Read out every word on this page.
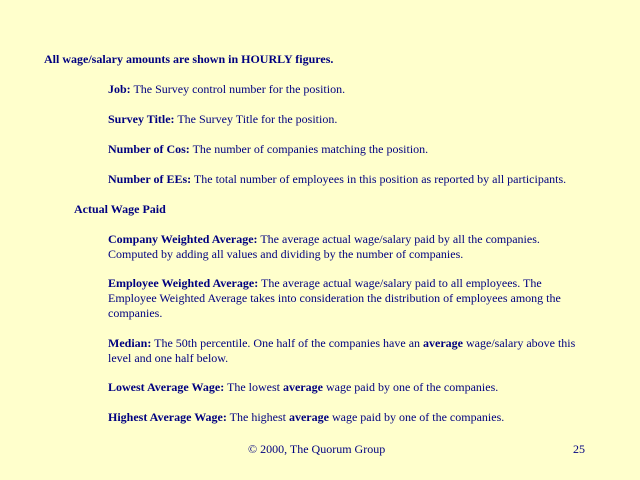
All wage/salary amounts are shown in HOURLY figures.
Job: The Survey control number for the position.
Survey Title: The Survey Title for the position.
Number of Cos: The number of companies matching the position.
Number of EEs: The total number of employees in this position as reported by all participants.
Actual Wage Paid
Company Weighted Average: The average actual wage/salary paid by all the companies. Computed by adding all values and dividing by the number of companies.
Employee Weighted Average: The average actual wage/salary paid to all employees. The Employee Weighted Average takes into consideration the distribution of employees among the companies.
Median: The 50th percentile. One half of the companies have an average wage/salary above this level and one half below.
Lowest Average Wage: The lowest average wage paid by one of the companies.
Highest Average Wage: The highest average wage paid by one of the companies.
© 2000, The Quorum Group	25
